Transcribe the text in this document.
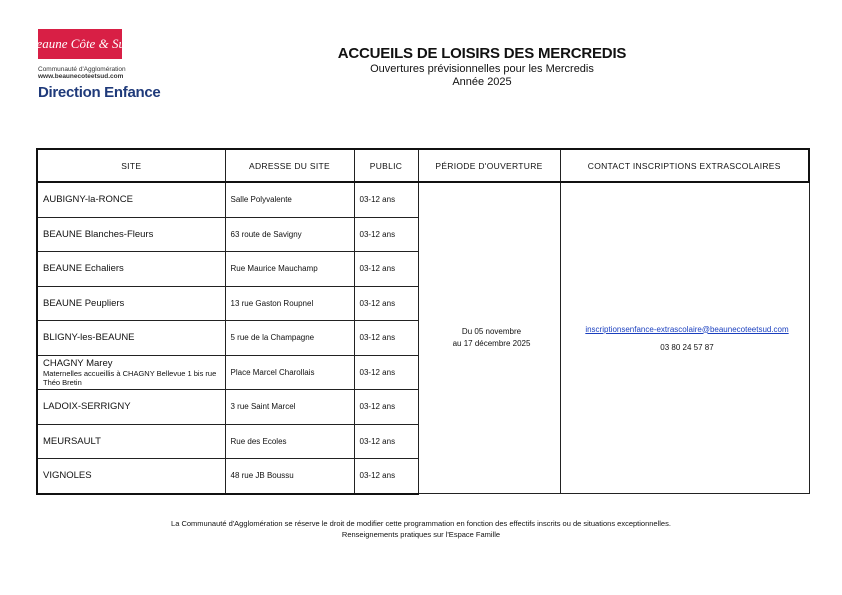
Beaune Côte & Sud
Communauté d'Agglomération
www.beaunecoteetsud.com
Direction Enfance
ACCUEILS DE LOISIRS DES MERCREDIS
Ouvertures prévisionnelles pour les Mercredis
Année 2025
SITE	ADRESSE DU SITE	PUBLIC	PÉRIODE D'OUVERTURE	CONTACT INSCRIPTIONS EXTRASCOLAIRES

AUBIGNY-la-RONCE	Salle Polyvalente	03-12 ans	Du 05 novembre
au 17 décembre 2025	inscriptionsenfance-extrascolaire@beaunecoteetsud.com
03 80 24 57 87

BEAUNE Blanches-Fleurs	63 route de Savigny	03-12 ans		

BEAUNE Echaliers	Rue Maurice Mauchamp	03-12 ans		

BEAUNE Peupliers	13 rue Gaston Roupnel	03-12 ans		

BLIGNY-les-BEAUNE	5 rue de la Champagne	03-12 ans		

CHAGNY Marey
Maternelles accueillis à CHAGNY Bellevue 1 bis rue Théo Bretin	Place Marcel Charollais	03-12 ans		

LADOIX-SERRIGNY	3 rue Saint Marcel	03-12 ans		

MEURSAULT	Rue des Ecoles	03-12 ans		

VIGNOLES	48 rue JB Boussu	03-12 ans		
La Communauté d'Agglomération se réserve le droit de modifier cette programmation en fonction des effectifs inscrits ou de situations exceptionnelles.
Renseignements pratiques sur l'Espace Famille
